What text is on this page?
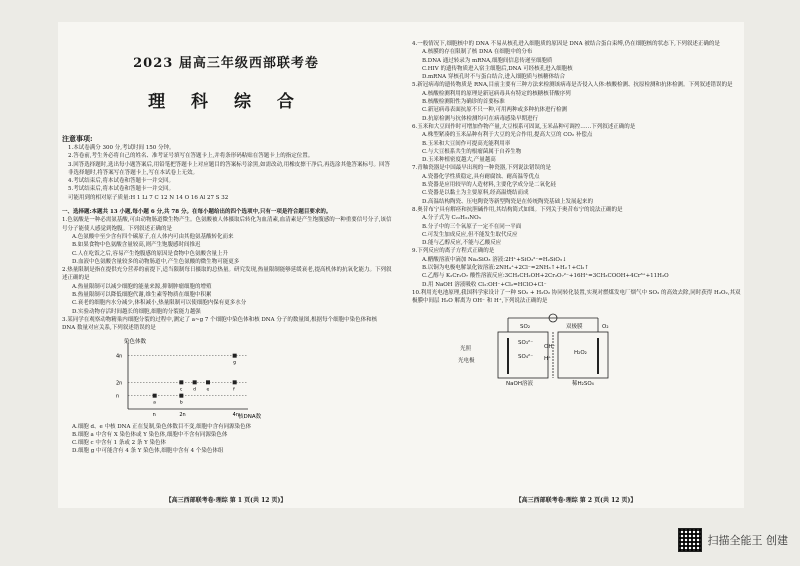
2023 届高三年级西部联考卷
理 科 综 合
注意事项:

1.本试卷满分 300 分,考试时间 150 分钟。

2.答卷前,考生务必将自己的姓名、准考证号填写在答题卡上,并将条形码粘贴在答题卡上的指定位置。

3.回答选择题时,选出每小题答案后,用铅笔把答题卡上对应题目的答案标号涂黑,如需改动,用橡皮擦干净后,再选涂其他答案标号。回答非选择题时,将答案写在答题卡上,写在本试卷上无效。

4.考试结束后,将本试卷和答题卡一并交回。

5.考试结束后,将本试卷和答题卡一并交回。

可能用到的相对原子质量:H 1 Li 7 C 12 N 14 O 16 Al 27 S 32

一、选择题:本题共 13 小题,每小题 6 分,共 78 分。在每小题给出的四个选项中,只有一项是符合题目要求的。

1.色氨酸是一种必需氨基酸,可由动物肠道微生物产生。色氨酸被人体摄取后转化为血清素,血清素是产生饱腹感的一种重要信号分子,该信号分子能使人感觉到饱腹。下列叙述正确的是

A.色氨酸中至少含有四个碳原子,在人体内可由其他氨基酸转化而来

B.如果食物中色氨酸含量较高,则产生饱腹感时间推迟

C.人在吃饭之后,容易产生饱腹感的原因是食物中色氨酸含量上升

D.血液中色氨酸含量较多的动物肠道中,产生色氨酸的微生物可能更多

2.热量限制是指在提供充分营养的前提下,适当限制每日摄取的总热量。研究发现,热量限制能够延缓衰老,提高机体的抗氧化能力。下列叙述正确的是

A.热量限制可以减少细胞的能量来源,抑制肿瘤细胞的增殖

B.热量限制可以降低细胞代谢,维生素等物质在细胞中积累

C.衰老的细胞内水分减少,体积减小,热量限制可以使细胞内保有更多水分

D.实验动物存活时间越长的细胞,细胞的分裂能力越强

3.某同学在观察动物精巢内细胞分裂的过程中,测定了 a~g 7 个细胞中染色体和核 DNA 分子的数量图,根据每个细胞中染色体和核 DNA 数量对应关系,下列叙述错误的是

染色体数
核DNA数
n	2n	4n
n
2n
4n
a	b
c d e	f
g

A.细胞 d、e 中核 DNA 正在复制,染色体数目不变,细胞中含有同源染色体

B.细胞 a 中含有 X 染色体或 Y 染色体,细胞中不含有同源染色体

C.细胞 c 中含有 1 条或 2 条 Y 染色体

D.细胞 g 中可能含有 4 条 Y 染色体,细胞中含有 4 个染色体组

【高三西部联考卷·理综 第 1 页(共 12 页)】

4.一般情况下,细胞核中的 DNA 不易从核孔进入细胞质的原因是 DNA 被结合蛋白束缚,仍在细胞核的状态下,下列叙述正确的是

A.核膜的存在限制了核 DNA 在细胞中的分布

B.DNA 通过转录为 mRNA,细胞间信息传递至细胞质

C.HIV 的遗传物质进入宿主细胞后,DNA 可经核孔进入细胞核

D.mRNA 穿核孔时不与蛋白结合,进入细胞质与核糖体结合

5.新冠病毒的遗传物质是 RNA,目前主要有三种方法来检测该病毒是否侵入人体:核酸检测、抗原检测和抗体检测。下列叙述错误的是

A.核酸检测利用的原理是新冠病毒具有特定的核糖核苷酸序列

B.核酸检测阳性为确诊的首要标准

C.新冠病毒表面抗原不只一种,可用两种或多种抗体进行检测

D.抗原检测与抗体检测均可在病毒感染早期进行

6.玉米和大豆间作时可增加作物产量,大豆根系可固氮,玉米品种可调控……下列叙述正确的是

A.株型紧凑的玉米品种有利于大豆的光合作用,提高大豆的 CO₂ 补偿点

B.玉米和大豆间作可提高光能利用率

C.与大豆根系共生的根瘤菌属于自养生物

D.玉米种植密度越大,产量越高

7.青釉瓷器是中国最早出现的一种瓷器,下列说法错误的是

A.瓷器化学性质稳定,具有耐腐蚀、耐高温等优点

B.瓷器是应用较早的人造材料,主要化学成分是二氧化硅

C.瓷器是以黏土为主要原料,经高温烧结而成

D.高温结构陶瓷、压电陶瓷等新型陶瓷是在传统陶瓷基础上发展起来的

8.奥昔布宁具有解痉和抗胆碱作用,其结构简式如图。下列关于奥昔布宁的说法正确的是

A.分子式为 C₂₂H₃₁NO₃

B.分子中的三个氧原子一定不在同一平面

C.可发生加成反应,但不能发生取代反应

D.能与乙醇反应,不能与乙酸反应

9.下列反应的离子方程式正确的是

A.醋酸溶液中滴加 Na₂SiO₃ 溶液:2H⁺+SiO₃²⁻=H₂SiO₃↓

B.以铜为电极电解氯化铵溶液:2NH₄⁺+2Cl⁻=2NH₃↑+H₂↑+Cl₂↑

C.乙醇与 K₂Cr₂O₇ 酸性溶液反应:3CH₃CH₂OH+2Cr₂O₇²⁻+16H⁺=3CH₃COOH+4Cr³⁺+11H₂O

D.用 NaOH 溶液吸收 Cl₂:OH⁻+Cl₂=HClO+Cl⁻

10.利用光电池原理,我国科学家设计了一种 SO₂ + H₂O₂ 协同转化装置,实现对燃煤发电厂烟气中 SO₂ 的高效去除,同时获得 H₂O₂,其双极膜中间层 H₂O 解离为 OH⁻ 和 H⁺,下列说法正确的是

光照
双极膜
SO₂	O₂
SO₃²⁻
SO₄²⁻ H⁺
H₂O₂
OH⁻
NaOH溶液	稀H₂SO₄
光电极
【高三西部联考卷·理综 第 2 页(共 12 页)】
扫描全能王 创建
